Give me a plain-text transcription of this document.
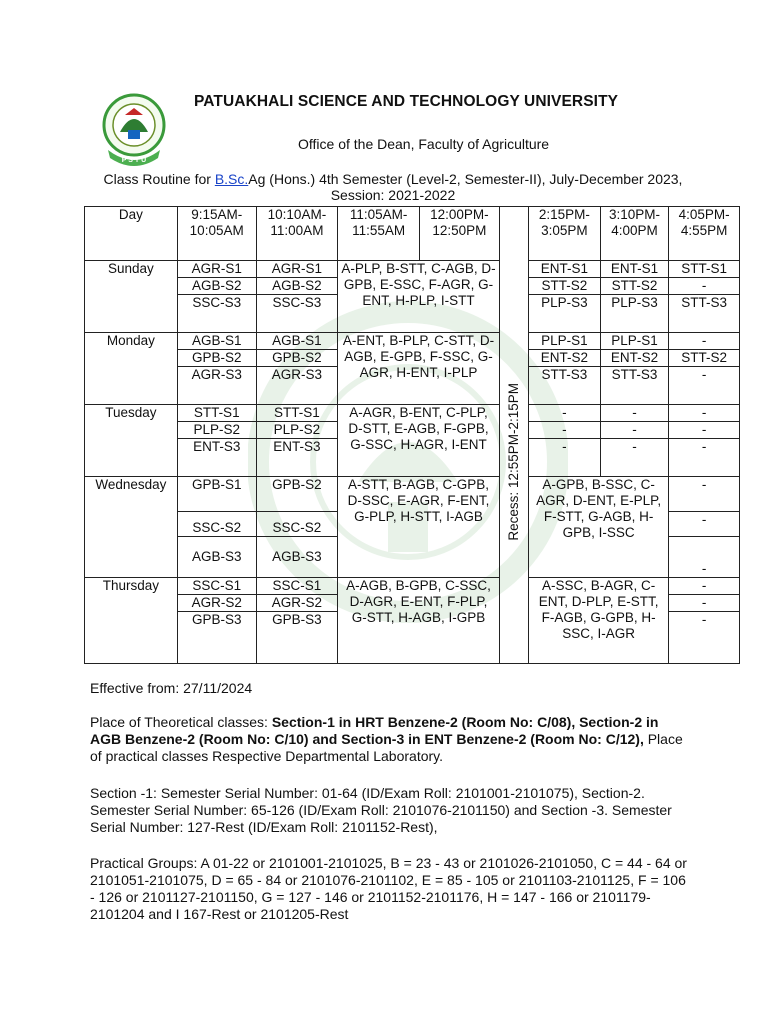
P S T U
PATUAKHALI SCIENCE AND TECHNOLOGY UNIVERSITY
Office of the Dean, Faculty of Agriculture
Class Routine for B.Sc.Ag (Hons.) 4th Semester (Level-2, Semester-II), July-December 2023, Session: 2021-2022
Day	9:15AM-10:05AM	10:10AM-11:00AM	11:05AM-11:55AM	12:00PM-12:50PM		2:15PM-3:05PM	3:10PM-4:00PM	4:05PM-4:55PM
Sunday	AGR-S1	AGR-S1	A-PLP, B-STT, C-AGB, D-GPB, E-SSC, F-AGR, G-ENT, H-PLP, I-STT		Recess: 12:55PM-2:15PM	ENT-S1	ENT-S1	STT-S1
	AGB-S2	AGB-S2				STT-S2	STT-S2	-
	SSC-S3	SSC-S3				PLP-S3	PLP-S3	STT-S3
Monday	AGB-S1	AGB-S1	A-ENT, B-PLP, C-STT, D-AGB, E-GPB, F-SSC, G-AGR, H-ENT, I-PLP			PLP-S1	PLP-S1	-
	GPB-S2	GPB-S2				ENT-S2	ENT-S2	STT-S2
	AGR-S3	AGR-S3				STT-S3	STT-S3	-
Tuesday	STT-S1	STT-S1	A-AGR, B-ENT, C-PLP, D-STT, E-AGB, F-GPB, G-SSC, H-AGR, I-ENT			-	-	-
	PLP-S2	PLP-S2				-	-	-
	ENT-S3	ENT-S3				-	-	-
Wednesday	GPB-S1	GPB-S2	A-STT, B-AGB, C-GPB, D-SSC, E-AGR, F-ENT, G-PLP, H-STT, I-AGB			A-GPB, B-SSC, C-AGR, D-ENT, E-PLP, F-STT, G-AGB, H-GPB, I-SSC		-
	SSC-S2	SSC-S2						-
	AGB-S3	AGB-S3						-
Thursday	SSC-S1	SSC-S1	A-AGB, B-GPB, C-SSC, D-AGR, E-ENT, F-PLP, G-STT, H-AGB, I-GPB			A-SSC, B-AGR, C-ENT, D-PLP, E-STT, F-AGB, G-GPB, H-SSC, I-AGR		-
	AGR-S2	AGR-S2						-
	GPB-S3	GPB-S3						-
Effective from: 27/11/2024
Place of Theoretical classes: Section-1 in HRT Benzene-2 (Room No: C/08), Section-2 in AGB Benzene-2 (Room No: C/10) and Section-3 in ENT Benzene-2 (Room No: C/12), Place of practical classes Respective Departmental Laboratory.
Section -1: Semester Serial Number: 01-64 (ID/Exam Roll: 2101001-2101075), Section-2. Semester Serial Number: 65-126 (ID/Exam Roll: 2101076-2101150) and Section -3. Semester Serial Number: 127-Rest (ID/Exam Roll: 2101152-Rest),
Practical Groups: A 01-22 or 2101001-2101025, B = 23 - 43 or 2101026-2101050, C = 44 - 64 or 2101051-2101075, D = 65 - 84 or 2101076-2101102, E = 85 - 105 or 2101103-2101125, F = 106 - 126 or 2101127-2101150, G = 127 - 146 or 2101152-2101176, H = 147 - 166 or 2101179-2101204 and I 167-Rest or 2101205-Rest
